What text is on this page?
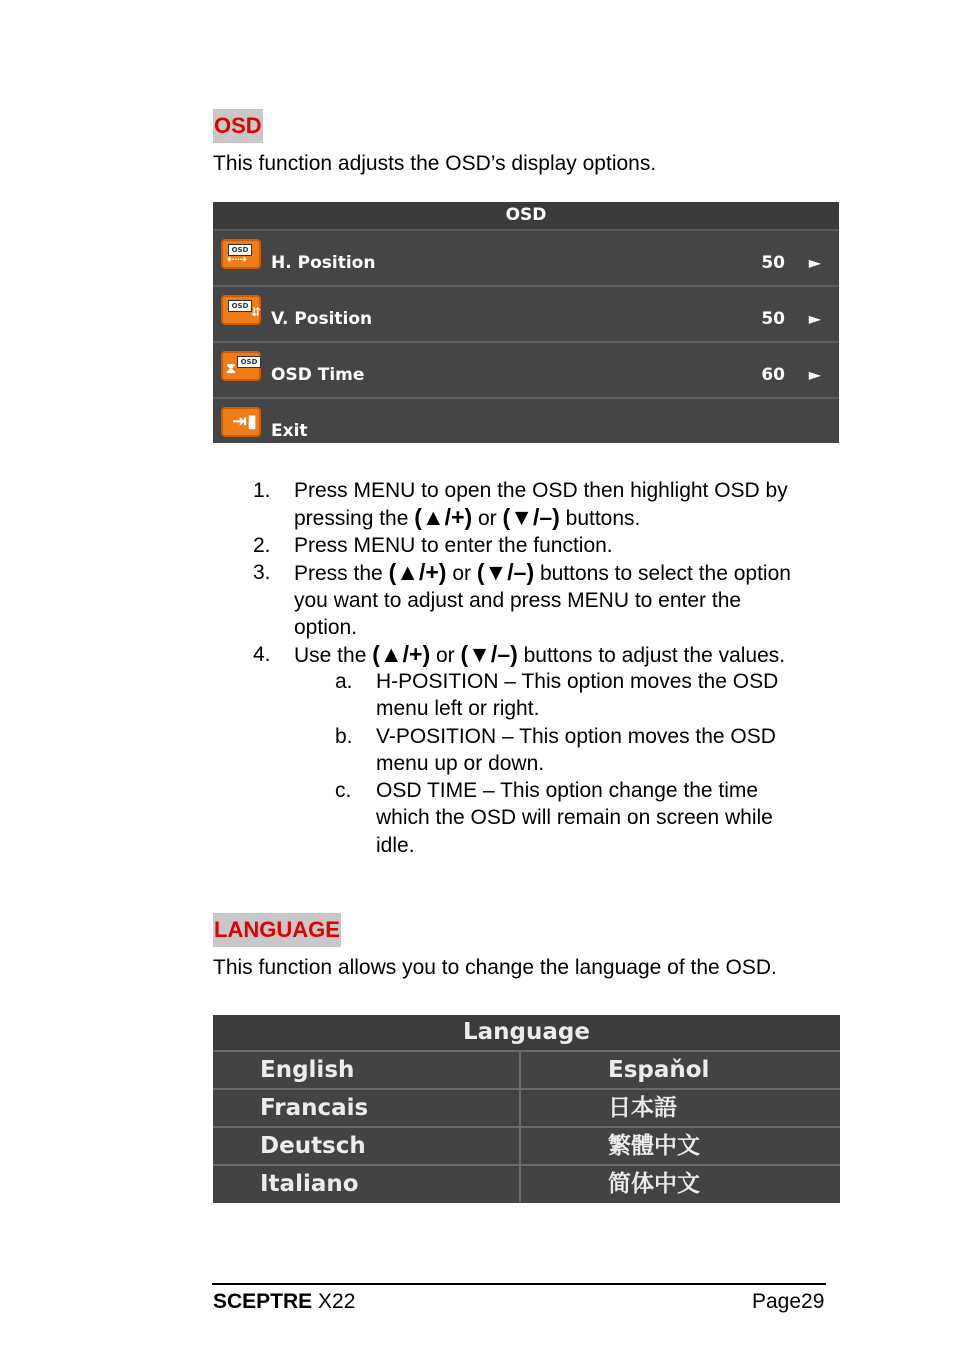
OSD
This function adjusts the OSD’s display options.
OSD
OSD
⇠⇢ H. Position	50 ►
OSD ⇵ V. Position	50 ►
OSD
⧗ OSD Time	60 ►
⇥▮ Exit
1. Press MENU to open the OSD then highlight OSD by
pressing the (▲/+) or (▼/–) buttons.
2. Press MENU to enter the function.
3. Press the (▲/+) or (▼/–) buttons to select the option
you want to adjust and press MENU to enter the
option.
4. Use the (▲/+) or (▼/–) buttons to adjust the values.
a. H-POSITION – This option moves the OSD
menu left or right.
b. V-POSITION – This option moves the OSD
menu up or down.
c. OSD TIME – This option change the time
which the OSD will remain on screen while
idle.
LANGUAGE
This function allows you to change the language of the OSD.
Language
English	Espaňol
Francais	日本語
Deutsch	繁體中文
Italiano	简体中文
SCEPTRE X22	Page29
